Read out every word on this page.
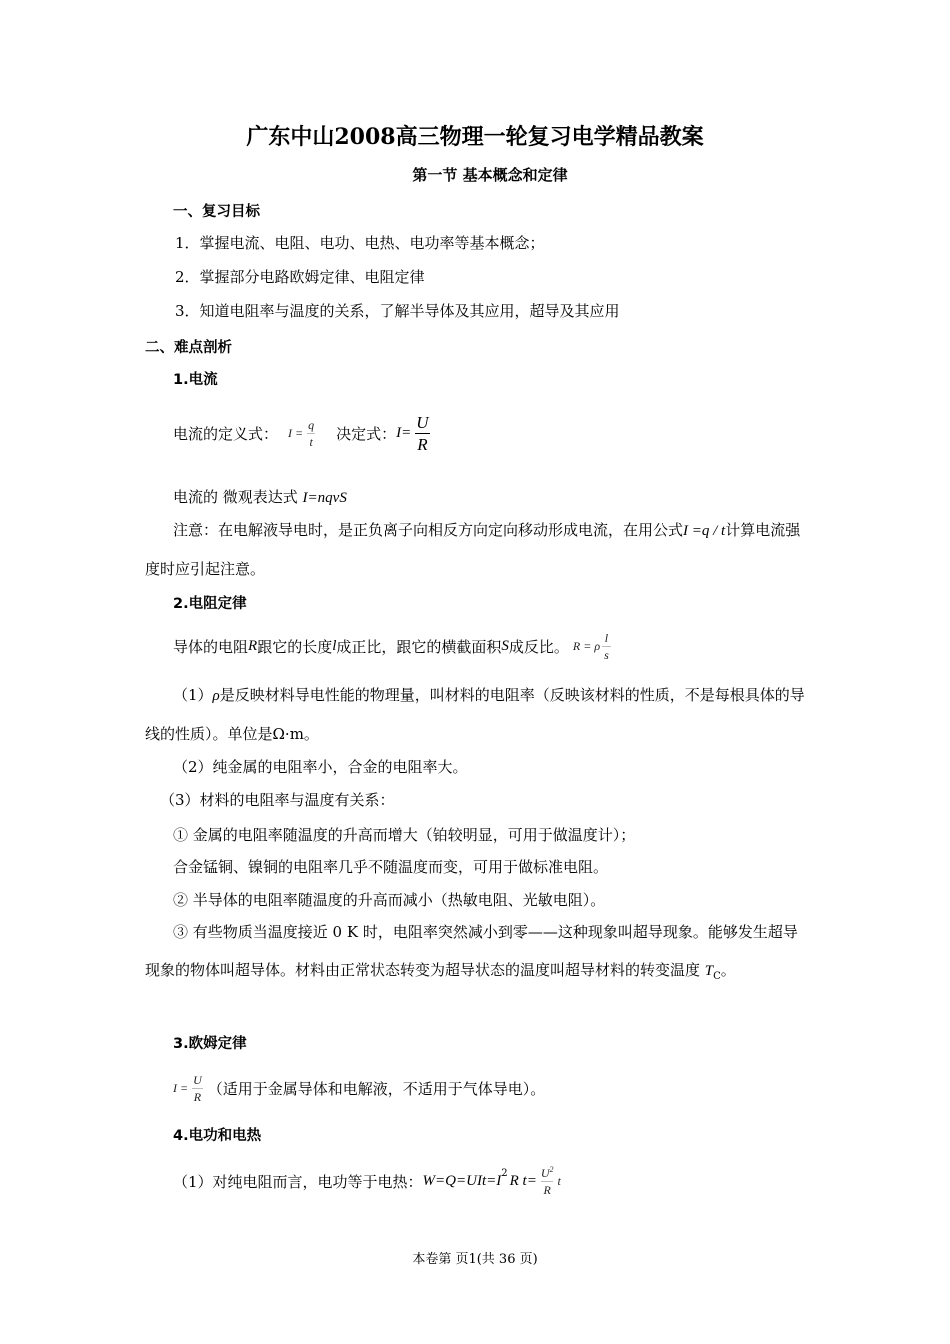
广东中山2008高三物理一轮复习电学精品教案
第一节 基本概念和定律
一、复习目标
1．掌握电流、电阻、电功、电热、电功率等基本概念；
2．掌握部分电路欧姆定律、电阻定律
3．知道电阻率与温度的关系，了解半导体及其应用，超导及其应用
二、难点剖析
1.电流
电流的定义式： $I = \frac{q}{t}$ 决定式： $I= \frac{U}{R}$
电流的 微观表达式 I=nqvS
注意：在电解液导电时，是正负离子向相反方向定向移动形成电流，在用公式I =q / t计算电流强度时应引起注意。
2.电阻定律
导体的电阻 R 跟它的长度 l 成正比，跟它的横截面积 S 成反比。 R = ρ $\frac{l}{s}$
（1）ρ是反映材料导电性能的物理量，叫材料的电阻率（反映该材料的性质，不是每根具体的导线的性质）。单位是Ω·m。
（2）纯金属的电阻率小，合金的电阻率大。
（3）材料的电阻率与温度有关系：
① 金属的电阻率随温度的升高而增大（铂较明显，可用于做温度计）；
合金锰铜、镍铜的电阻率几乎不随温度而变，可用于做标准电阻。
② 半导体的电阻率随温度的升高而减小（热敏电阻、光敏电阻）。
③ 有些物质当温度接近 0 K 时，电阻率突然减小到零——这种现象叫超导现象。能够发生超导现象的物体叫超导体。材料由正常状态转变为超导状态的温度叫超导材料的转变温度 $T_C$。
3.欧姆定律
$I = \frac{U}{R}$ （适用于金属导体和电解液，不适用于气体导电）。
4.电功和电热
（1）对纯电阻而言，电功等于电热： $W=Q=UIt=I^2$ R $t= \frac{U^2}{R}$ t
本卷第 页1(共 36 页)
